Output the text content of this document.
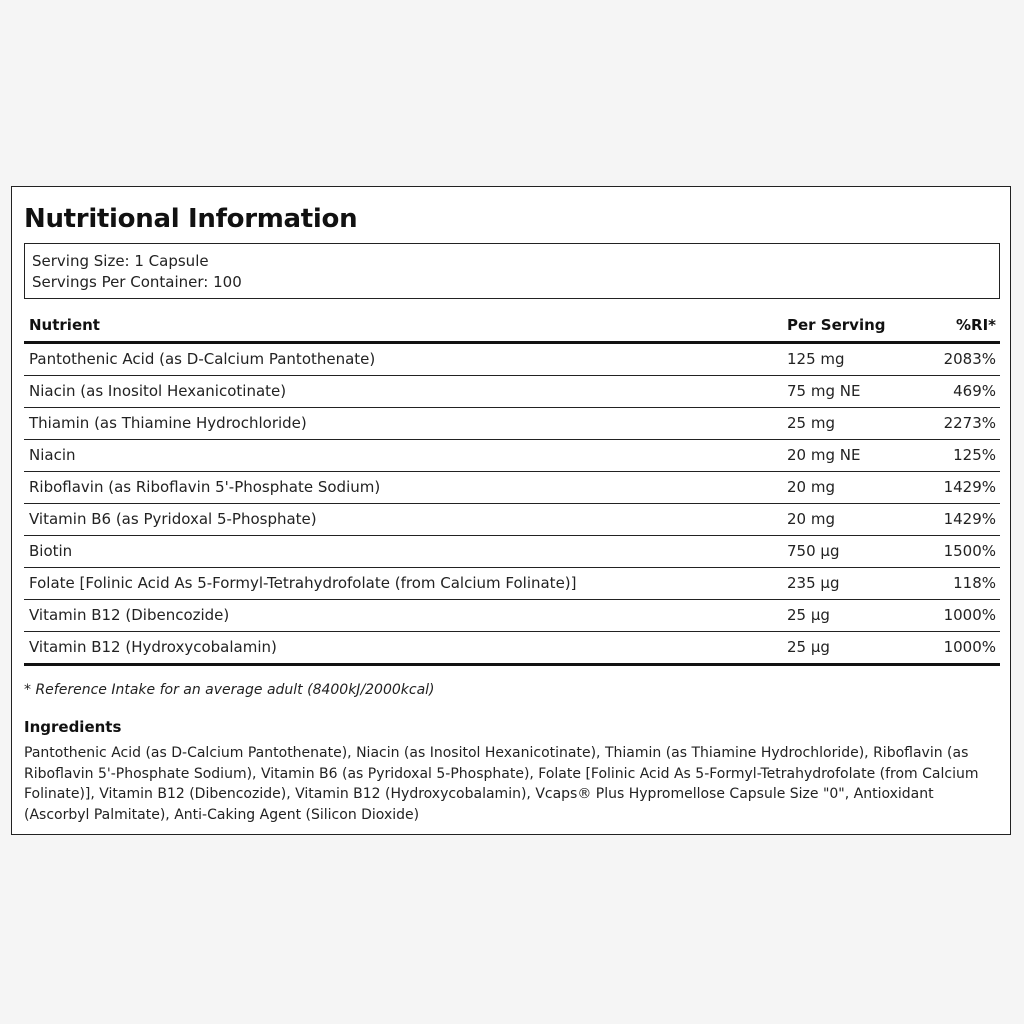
Nutritional Information
Serving Size: 1 Capsule
Servings Per Container: 100
Nutrient	Per Serving	%RI*
Pantothenic Acid (as D-Calcium Pantothenate)	125 mg	2083%
Niacin (as Inositol Hexanicotinate)	75 mg NE	469%
Thiamin (as Thiamine Hydrochloride)	25 mg	2273%
Niacin	20 mg NE	125%
Riboflavin (as Riboflavin 5'-Phosphate Sodium)	20 mg	1429%
Vitamin B6 (as Pyridoxal 5-Phosphate)	20 mg	1429%
Biotin	750 µg	1500%
Folate [Folinic Acid As 5-Formyl-Tetrahydrofolate (from Calcium Folinate)]	235 µg	118%
Vitamin B12 (Dibencozide)	25 µg	1000%
Vitamin B12 (Hydroxycobalamin)	25 µg	1000%
* Reference Intake for an average adult (8400kJ/2000kcal)
Ingredients

Pantothenic Acid (as D-Calcium Pantothenate), Niacin (as Inositol Hexanicotinate), Thiamin (as Thiamine Hydrochloride), Riboflavin (as Riboflavin 5'-Phosphate Sodium), Vitamin B6 (as Pyridoxal 5-Phosphate), Folate [Folinic Acid As 5-Formyl-Tetrahydrofolate (from Calcium Folinate)], Vitamin B12 (Dibencozide), Vitamin B12 (Hydroxycobalamin), Vcaps® Plus Hypromellose Capsule Size "0", Antioxidant (Ascorbyl Palmitate), Anti-Caking Agent (Silicon Dioxide)
